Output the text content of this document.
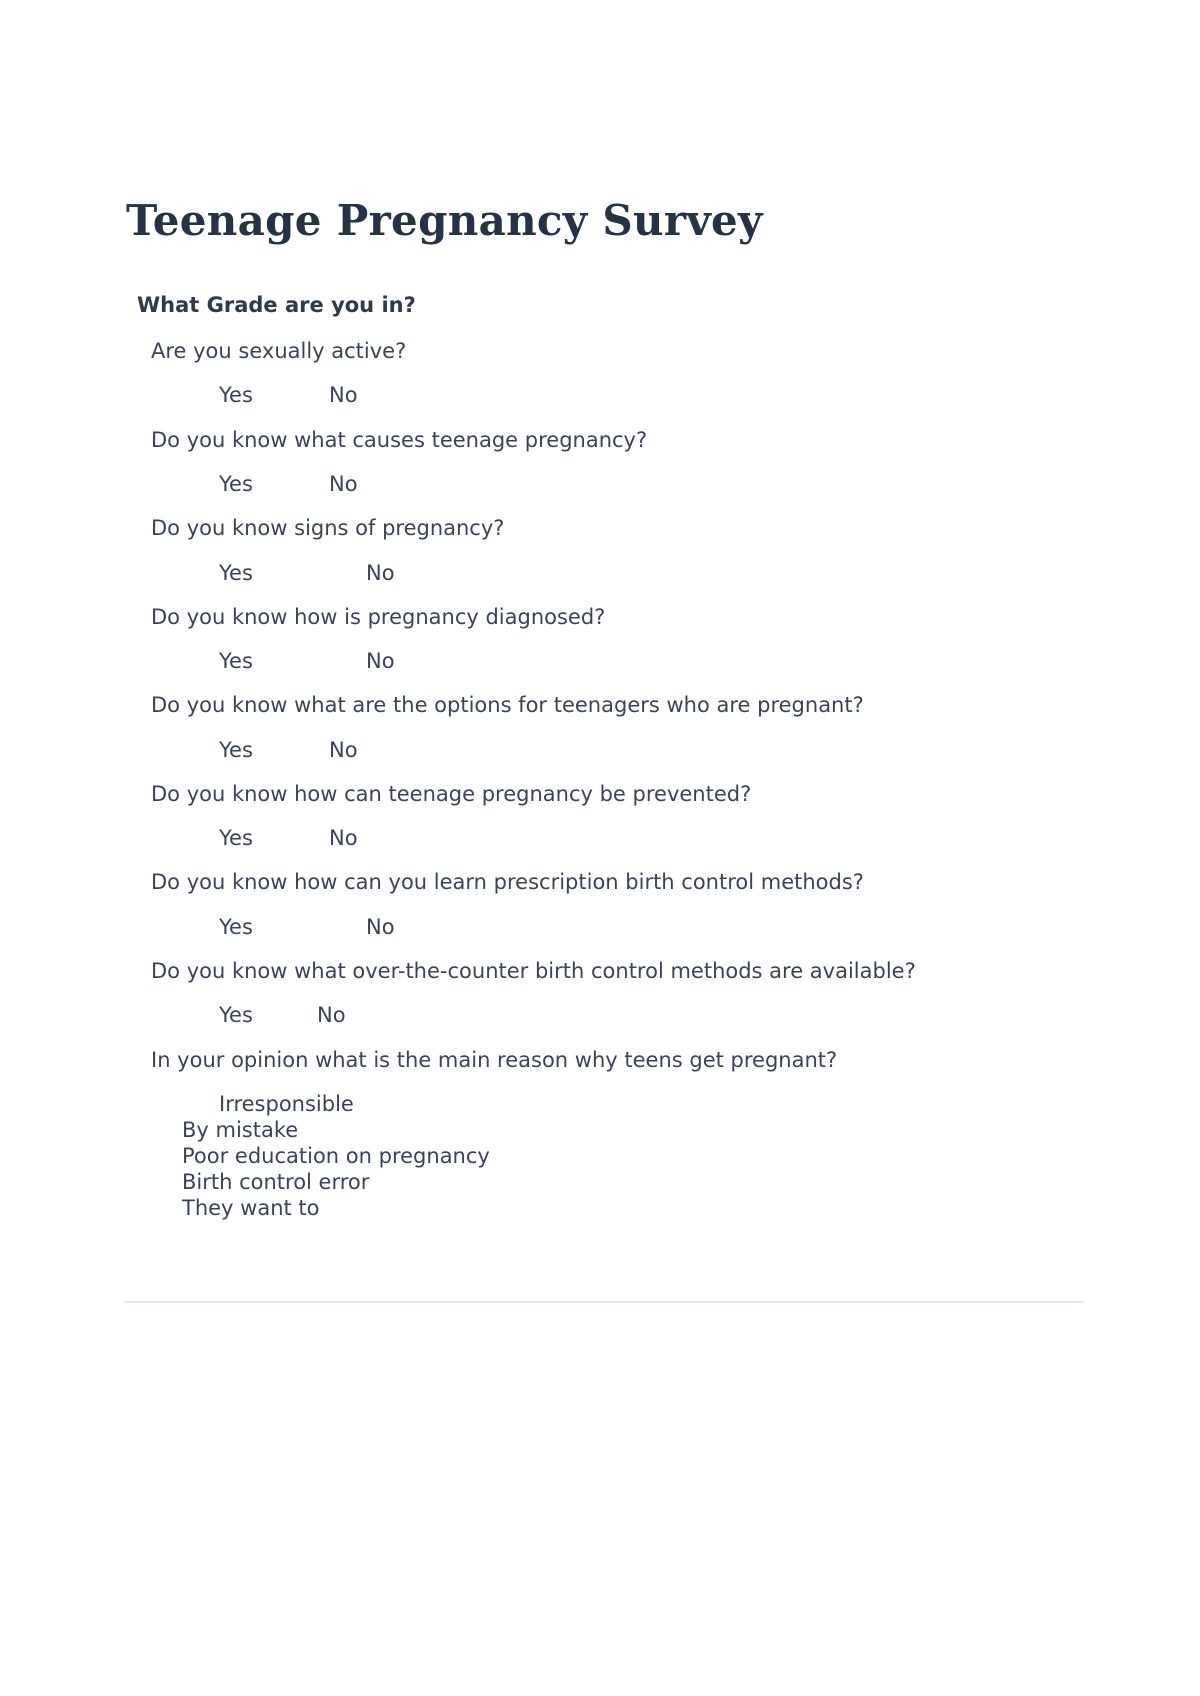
Teenage Pregnancy Survey
What Grade are you in?
Are you sexually active?
Yes	No
Do you know what causes teenage pregnancy?
Yes	No
Do you know signs of pregnancy?
Yes	No
Do you know how is pregnancy diagnosed?
Yes	No
Do you know what are the options for teenagers who are pregnant?
Yes	No
Do you know how can teenage pregnancy be prevented?
Yes	No
Do you know how can you learn prescription birth control methods?
Yes	No
Do you know what over-the-counter birth control methods are available?
Yes	No
In your opinion what is the main reason why teens get pregnant?
Irresponsible
By mistake
Poor education on pregnancy
Birth control error
They want to
